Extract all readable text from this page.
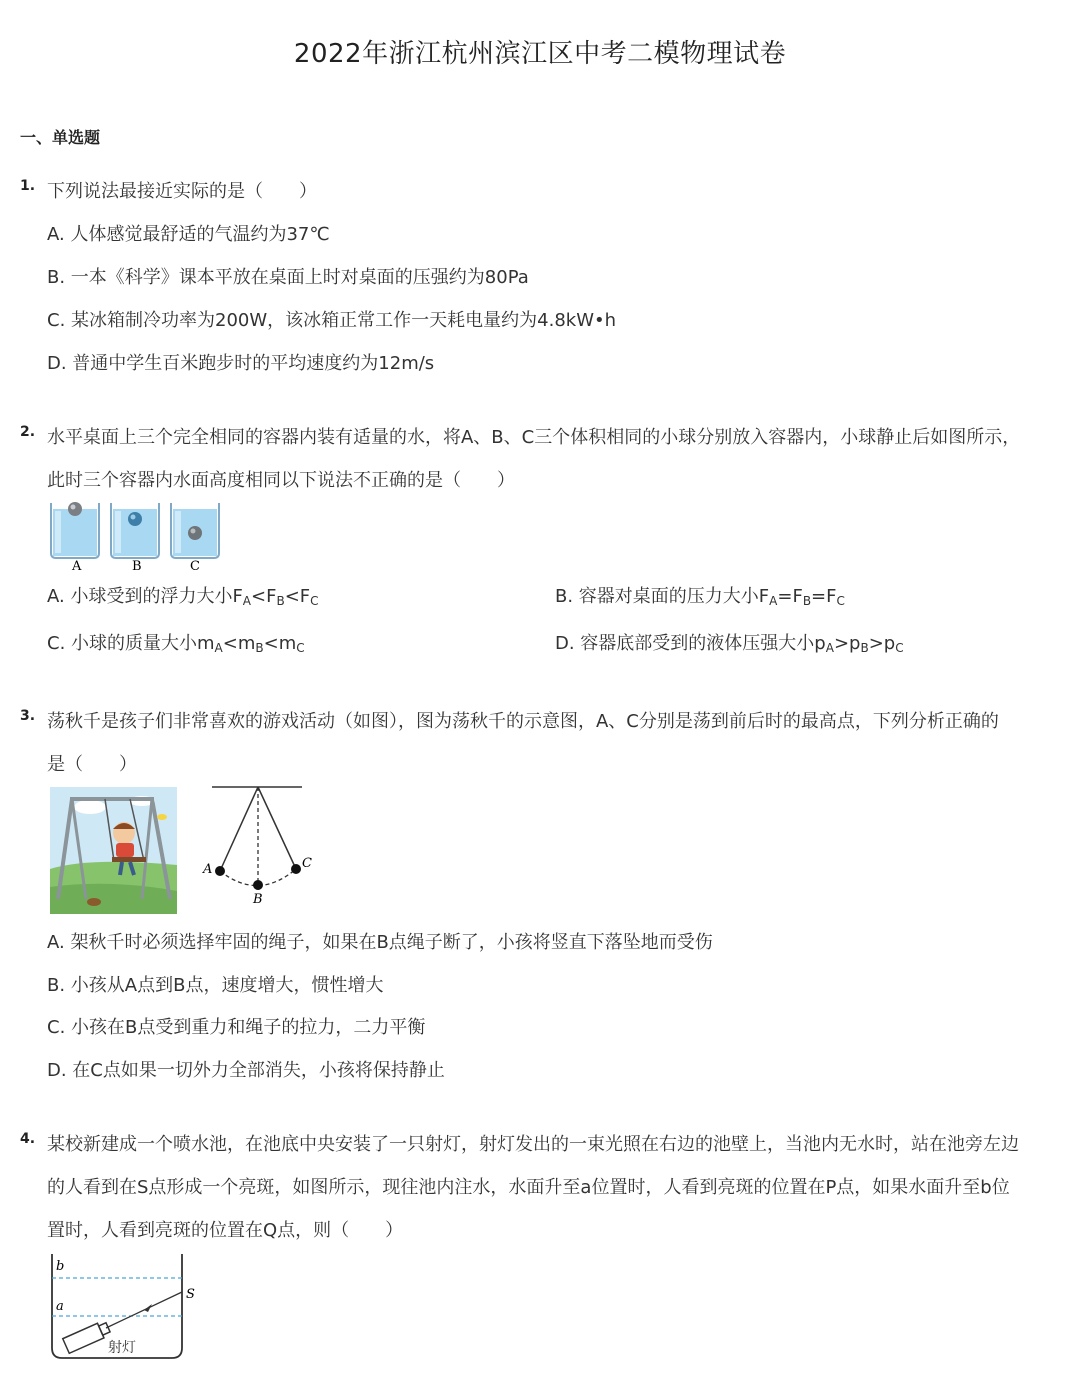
2022年浙江杭州滨江区中考二模物理试卷
一、单选题
1. 下列说法最接近实际的是（　　）
A. 人体感觉最舒适的气温约为37℃
B. 一本《科学》课本平放在桌面上时对桌面的压强约为80Pa
C. 某冰箱制冷功率为200W，该冰箱正常工作一天耗电量约为4.8kW•h
D. 普通中学生百米跑步时的平均速度约为12m/s
2. 水平桌面上三个完全相同的容器内装有适量的水，将A、B、C三个体积相同的小球分别放入容器内，小球静止后如图所示，
此时三个容器内水面高度相同以下说法不正确的是（　　）
A	B	C
A. 小球受到的浮力大小$F_A<F_B<F_C$	B. 容器对桌面的压力大小$F_A=F_B=F_C$
C. 小球的质量大小$m_A<m_B<m_C$	D. 容器底部受到的液体压强大小$p_A>p_B>p_C$
3. 荡秋千是孩子们非常喜欢的游戏活动（如图），图为荡秋千的示意图，A、C分别是荡到前后时的最高点，下列分析正确的
是（　　）
A
B
C
A. 架秋千时必须选择牢固的绳子，如果在B点绳子断了，小孩将竖直下落坠地而受伤
B. 小孩从A点到B点，速度增大，惯性增大
C. 小孩在B点受到重力和绳子的拉力，二力平衡
D. 在C点如果一切外力全部消失，小孩将保持静止
4. 某校新建成一个喷水池，在池底中央安装了一只射灯，射灯发出的一束光照在右边的池壁上，当池内无水时，站在池旁左边
的人看到在S点形成一个亮斑，如图所示，现往池内注水，水面升至a位置时，人看到亮斑的位置在P点，如果水面升至b位
置时，人看到亮斑的位置在Q点，则（　　）
b
a
S
射灯
